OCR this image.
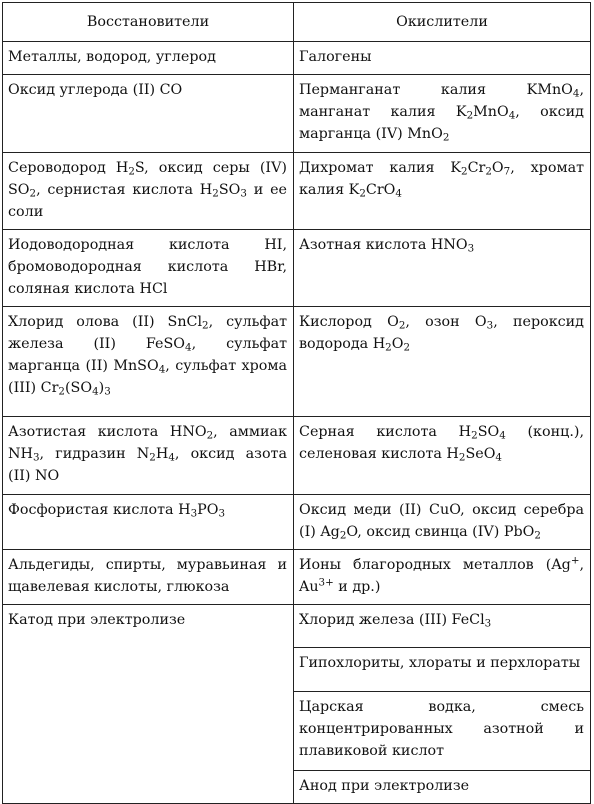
Восстановители	Окислители

Металлы, водород, углерод	Галогены

Оксид углерода (II) CO	Перманганат калия KMnO$_4$, манганат калия $K_2MnO_4$, оксид марганца (IV) MnO$_2$

Сероводород $H_2S$, оксид серы (IV) $SO_2$, сернистая кислота $H_2SO_3$ и ее соли	Дихромат калия $K_2Cr_2O_7$, хромат калия $K_2CrO_4$

Иодоводородная кислота HI, бромоводородная кислота HBr, соляная кислота HCl	Азотная кислота $HNO_3$

Хлорид олова (II) SnCl$_2$, сульфат железа (II) FeSO$_4$, сульфат марганца (II) MnSO$_4$, сульфат хрома (III) $Cr_2(SO_4)_3$	Кислород $O_2$, озон $O_3$, пероксид водорода $H_2O_2$

Азотистая кислота $HNO_2$, аммиак $NH_3$, гидразин $N_2H_4$, оксид азота (II) NO	Серная кислота $H_2SO_4$ (конц.), селеновая кислота $H_2SeO_4$

Фосфористая кислота $H_3PO_3$	Оксид меди (II) CuO, оксид серебра (I) $Ag_2O$, оксид свинца (IV) PbO$_2$

Альдегиды, спирты, муравьиная и щавелевая кислоты, глюкоза	Ионы благородных металлов (Ag+, $Au^{3+}$ и др.)

Катод при электролизе	Хлорид железа (III) FeCl$_3$

	Гипохлориты, хлораты и перхлораты

	Царская водка, смесь концентрированных азотной и плавиковой кислот

	Анод при электролизе
